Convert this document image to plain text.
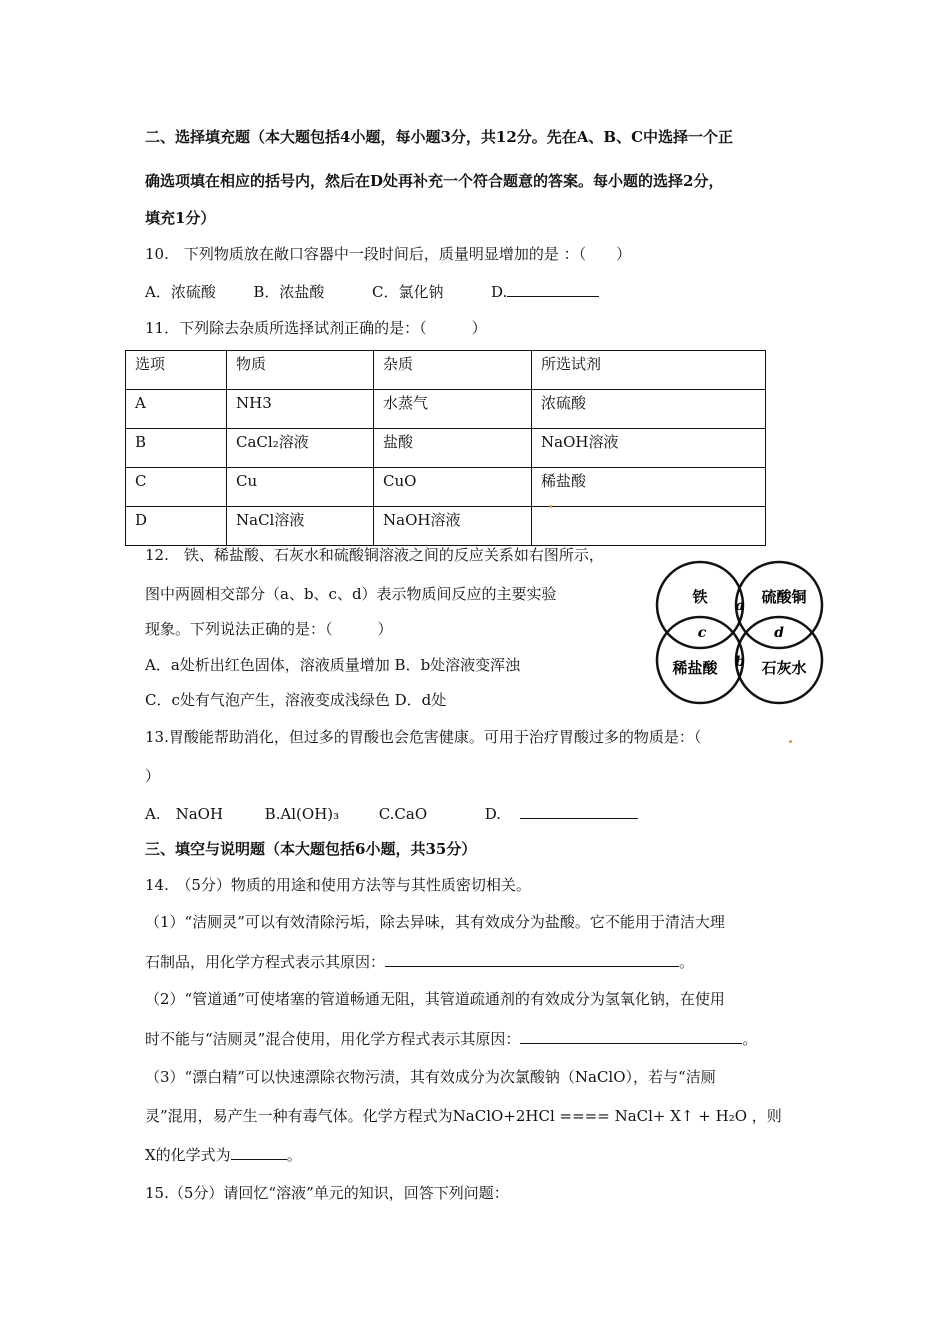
二、选择填充题（本大题包括4小题，每小题3分，共12分。先在A、B、C中选择一个正
确选项填在相应的括号内，然后在D处再补充一个符合题意的答案。每小题的选择2分，
填充1分）
10.　下列物质放在敞口容器中一段时间后，质量明显增加的是 ：（　　）
A．浓硫酸	B．浓盐酸	C．氯化钠	D.
11．下列除去杂质所选择试剂正确的是：（　　　）
选项	物质	杂质	所选试剂
A	NH3	水蒸气	浓硫酸
B	CaCl₂溶液	盐酸	NaOH溶液
C	Cu	CuO	稀盐酸
D	NaCl溶液	NaOH溶液	
12.　铁、稀盐酸、石灰水和硫酸铜溶液之间的反应关系如右图所示，
图中两圆相交部分（a、b、c、d）表示物质间反应的主要实验
现象。下列说法正确的是：（　　　）
A．a处析出红色固体，溶液质量增加 B．b处溶液变浑浊
C．c处有气泡产生，溶液变成浅绿色 D．d处
铁	硫酸铜
稀盐酸	石灰水
a
b
c	d
13.胃酸能帮助消化，但过多的胃酸也会危害健康。可用于治疗胃酸过多的物质是：（
）
A.　NaOH	B.Al(OH)₃	C.CaO	D.
三、填空与说明题（本大题包括6小题，共35分）
14.　（5分）物质的用途和使用方法等与其性质密切相关。
（1）“洁厕灵”可以有效清除污垢，除去异味，其有效成分为盐酸。它不能用于清洁大理
石制品，用化学方程式表示其原因：	。
（2）“管道通”可使堵塞的管道畅通无阻，其管道疏通剂的有效成分为氢氧化钠，在使用
时不能与“洁厕灵”混合使用，用化学方程式表示其原因：	。
（3）“漂白精”可以快速漂除衣物污渍，其有效成分为次氯酸钠（NaClO），若与“洁厕
灵”混用，易产生一种有毒气体。化学方程式为NaClO+2HCl ==== NaCl+ X↑ + H₂O ，则
X的化学式为	。
15.（5分）请回忆“溶液”单元的知识，回答下列问题：
